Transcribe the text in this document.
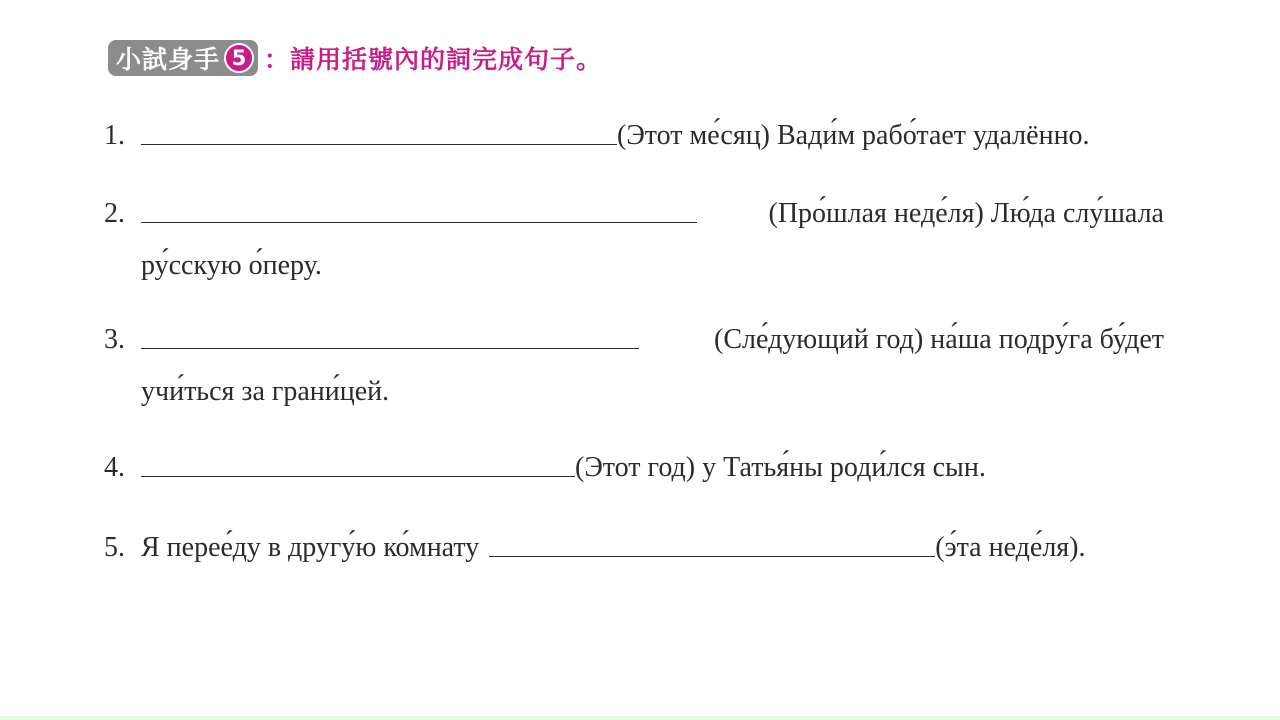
小試身手 5 ：請用括號內的詞完成句子。
1.	(Этот ме́сяц) Вади́м рабо́тает удалённо.
2.	(Про́шлая неде́ля) Лю́да слу́шала
ру́сскую о́перу.
3.	(Сле́дующий год) на́ша подру́га бу́дет
учи́ться за грани́цей.
4.	(Этот год) у Татья́ны роди́лся сын.
5. Я перее́ду в другу́ю ко́мнату	(э́та неде́ля).
